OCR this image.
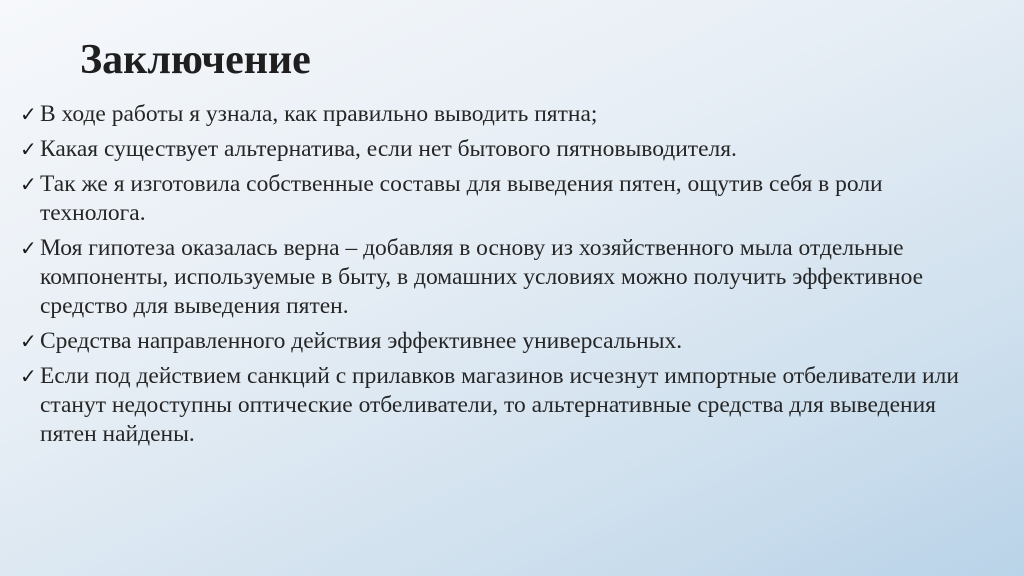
Заключение
✓ В ходе работы я узнала, как правильно выводить пятна;
✓ Какая существует альтернатива, если нет бытового пятновыводителя.
✓ Так же я изготовила собственные составы для выведения пятен, ощутив себя в роли технолога.
✓ Моя гипотеза оказалась верна – добавляя в основу из хозяйственного мыла отдельные компоненты, используемые в быту, в домашних условиях можно получить эффективное средство для выведения пятен.
✓ Средства направленного действия эффективнее универсальных.
✓ Если под действием санкций с прилавков магазинов исчезнут импортные отбеливатели или станут недоступны оптические отбеливатели, то альтернативные средства для выведения пятен найдены.
